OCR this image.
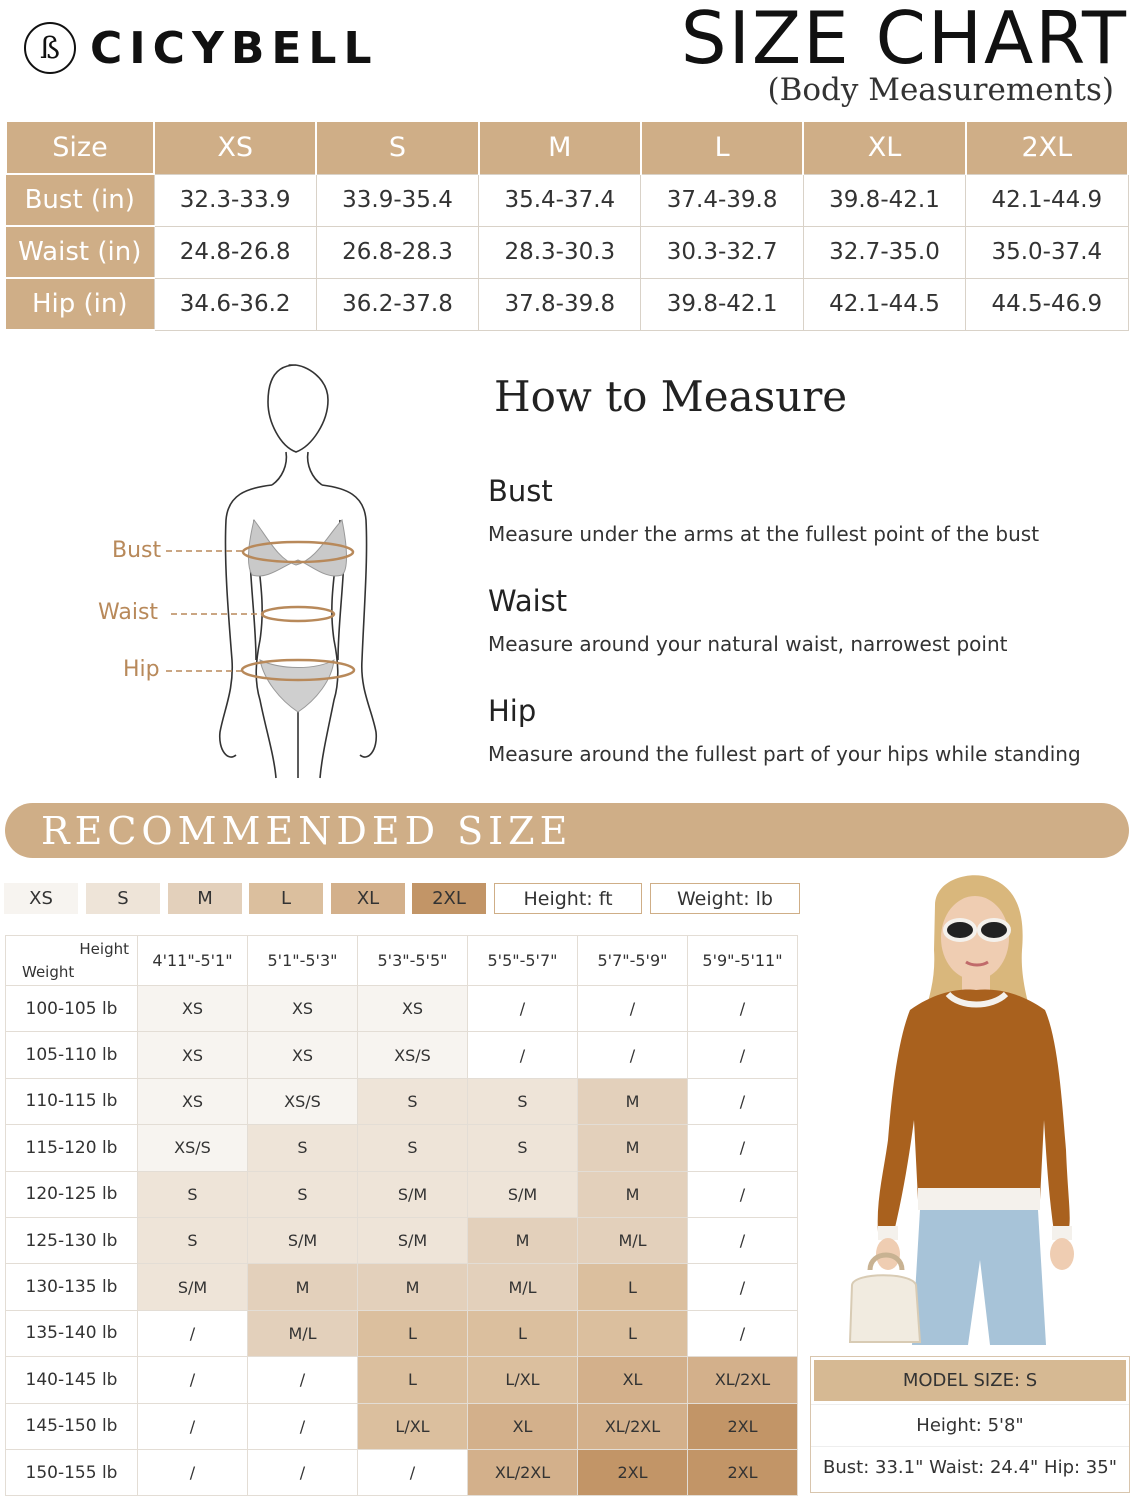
ß CICYBELL	SIZE CHART
(Body Measurements)
Size	XS	S	M	L	XL	2XL
Bust (in)	32.3-33.9	33.9-35.4	35.4-37.4	37.4-39.8	39.8-42.1	42.1-44.9
Waist (in)	24.8-26.8	26.8-28.3	28.3-30.3	30.3-32.7	32.7-35.0	35.0-37.4
Hip (in)	34.6-36.2	36.2-37.8	37.8-39.8	39.8-42.1	42.1-44.5	44.5-46.9
Bust
Waist
Hip
How to Measure
Bust
Measure under the arms at the fullest point of the bust
Waist
Measure around your natural waist, narrowest point
Hip
Measure around the fullest part of your hips while standing
RECOMMENDED SIZE
XS	S	M	L	XL	2XL	Height: ft	Weight: lb
Height
Weight	4'11"-5'1"	5'1"-5'3"	5'3"-5'5"	5'5"-5'7"	5'7"-5'9"	5'9"-5'11"
100-105 lb	XS	XS	XS	/	/	/
105-110 lb	XS	XS	XS/S	/	/	/
110-115 lb	XS	XS/S	S	S	M	/
115-120 lb	XS/S	S	S	S	M	/
120-125 lb	S	S	S/M	S/M	M	/
125-130 lb	S	S/M	S/M	M	M/L	/
130-135 lb	S/M	M	M	M/L	L	/
135-140 lb	/	M/L	L	L	L	/
140-145 lb	/	/	L	L/XL	XL	XL/2XL
145-150 lb	/	/	L/XL	XL	XL/2XL	2XL
150-155 lb	/	/	/	XL/2XL	2XL	2XL
MODEL SIZE: S
Height: 5'8"
Bust: 33.1" Waist: 24.4" Hip: 35"
